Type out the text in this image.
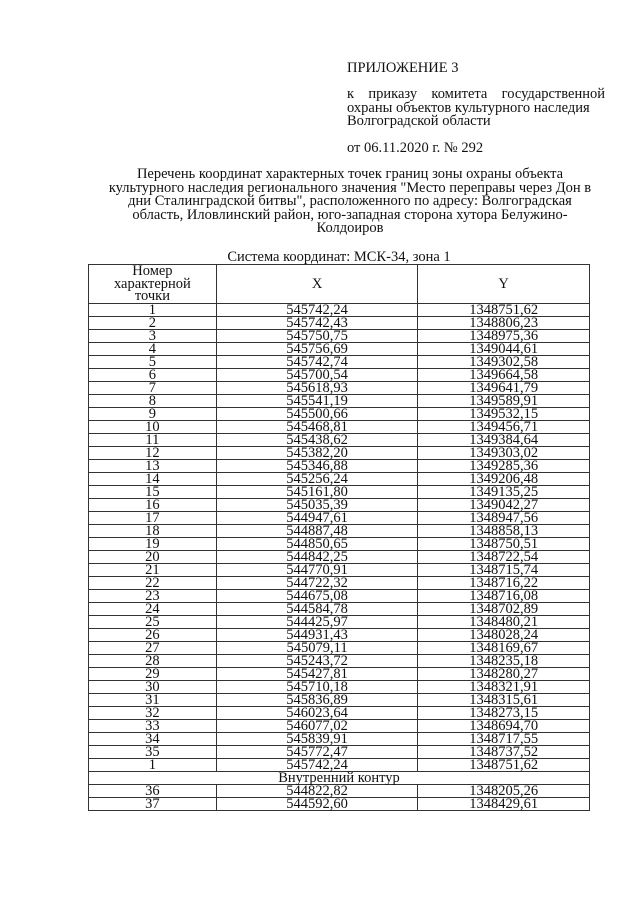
ПРИЛОЖЕНИЕ 3
к приказу комитета государственной
охраны объектов культурного наследия
Волгоградской области
от 06.11.2020 г. № 292
Перечень координат характерных точек границ зоны охраны объекта
культурного наследия регионального значения "Место переправы через Дон в
дни Сталинградской битвы", расположенного по адресу: Волгоградская
область, Иловлинский район, юго-западная сторона хутора Белужино-
Колдоиров
Система координат: МСК-34, зона 1
Номер
характерной
точки	X	Y
1	545742,24	1348751,62
2	545742,43	1348806,23
3	545750,75	1348975,36
4	545756,69	1349044,61
5	545742,74	1349302,58
6	545700,54	1349664,58
7	545618,93	1349641,79
8	545541,19	1349589,91
9	545500,66	1349532,15
10	545468,81	1349456,71
11	545438,62	1349384,64
12	545382,20	1349303,02
13	545346,88	1349285,36
14	545256,24	1349206,48
15	545161,80	1349135,25
16	545035,39	1349042,27
17	544947,61	1348947,56
18	544887,48	1348858,13
19	544850,65	1348750,51
20	544842,25	1348722,54
21	544770,91	1348715,74
22	544722,32	1348716,22
23	544675,08	1348716,08
24	544584,78	1348702,89
25	544425,97	1348480,21
26	544931,43	1348028,24
27	545079,11	1348169,67
28	545243,72	1348235,18
29	545427,81	1348280,27
30	545710,18	1348321,91
31	545836,89	1348315,61
32	546023,64	1348273,15
33	546077,02	1348694,70
34	545839,91	1348717,55
35	545772,47	1348737,52
1	545742,24	1348751,62
Внутренний контур		
36	544822,82	1348205,26
37	544592,60	1348429,61
